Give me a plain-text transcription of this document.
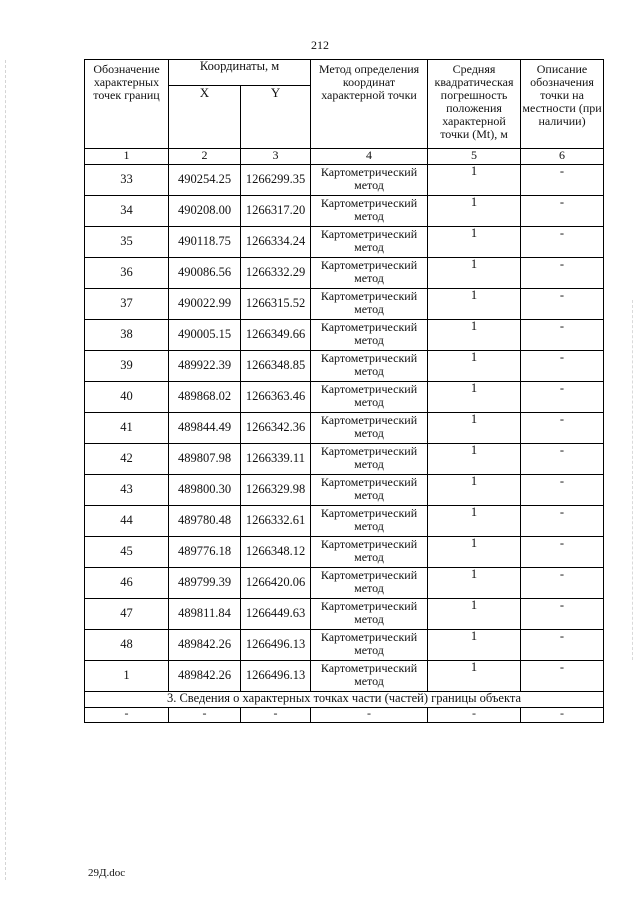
212
Обозначение характерных точек границ	Координаты, м		Метод определения координат характерной точки	Средняя квадратическая погрешность положения характерной точки (Mt), м	Описание обозначения точки на местности (при наличии)
	X	Y			
1	2	3	4	5	6
33	490254.25	1266299.35	Картометрический метод	1	-
34	490208.00	1266317.20	Картометрический метод	1	-
35	490118.75	1266334.24	Картометрический метод	1	-
36	490086.56	1266332.29	Картометрический метод	1	-
37	490022.99	1266315.52	Картометрический метод	1	-
38	490005.15	1266349.66	Картометрический метод	1	-
39	489922.39	1266348.85	Картометрический метод	1	-
40	489868.02	1266363.46	Картометрический метод	1	-
41	489844.49	1266342.36	Картометрический метод	1	-
42	489807.98	1266339.11	Картометрический метод	1	-
43	489800.30	1266329.98	Картометрический метод	1	-
44	489780.48	1266332.61	Картометрический метод	1	-
45	489776.18	1266348.12	Картометрический метод	1	-
46	489799.39	1266420.06	Картометрический метод	1	-
47	489811.84	1266449.63	Картометрический метод	1	-
48	489842.26	1266496.13	Картометрический метод	1	-
1	489842.26	1266496.13	Картометрический метод	1	-
3. Сведения о характерных точках части (частей) границы объекта					
-	-	-	-	-	-
29Д.doc
